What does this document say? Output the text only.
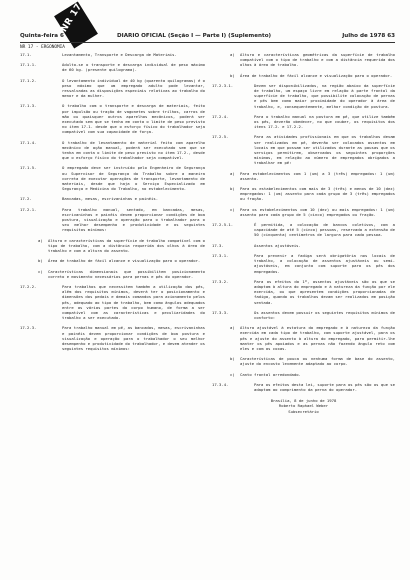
NR 17
Quinta-feira 6	DIARIO OFICIAL (Seção I — Parte I) (Suplemento)	Julho de 1978 63
NR 17 - ERGONOMIA
17.1.	Levantamento, Transporte e Descarga de Materiais.
17.1.1.	Adulto-se o transporte e descarga individual de peso máximo de 60 kg. (presente quilograma).
17.1.2.	O levantamento individual de 40 kg (quarenta quilogramas) é o peso máximo que um empregado adulto pode levantar, ressalvadas as disposições especiais relativas ao trabalho do menor e da mulher.
17.1.3.	O trabalho com o transporte e descarga de materiais, feito por impulsão ou tração de vagonetes sobre trilhos, carros de mão ou quaisquer outros aparelhos mecânicos, poderá ser executado sem que se tenha em conta o limite de peso previsto no item 17.1. desde que o esforço físico do trabalhador seja compatível com sua capacidade de força.
17.1.4.	O trabalho de levantamento de material feito com aparelho mecânico de ação manual, poderá ser executado sem que se tenha em conta o limite de peso previsto no item 17.2., desde que o esforço físico do trabalhador seja compatível.
17.1.5.	O empregado deve ser instruído pelo Engenheiro de Segurança ou Supervisor de Segurança do Trabalho sobre a maneira correta de executar operações de transporte, levantamento de materiais, desde que haja o Serviço Especializado em Segurança e Medicina do Trabalho, no estabelecimento.
17.2.	Bancadas, mesas, escrivaninhas e painéis.
17.2.1.	Para trabalho manual, sentado, em bancadas, mesas, escrivaninhas e painéis devem proporcionar condições de boa postura, visualização e operação para o trabalhador para o seu melhor desempenho e produtividade e os seguintes requisitos mínimos:
a)	Altura e características da superfície de trabalho compatível com o tipo de trabalho, com a distância requerida dos olhos à área de trabalho e com a altura do assento.
b)	Área de trabalho de fácil alcance e visualização para o operador.
c)	Características dimensionais que possibilitem posicionamento correto e movimento necessários para pernas e pés do operador.
17.2.2.	Para trabalhos que necessitem também a utilização dos pés, além dos requisitos mínimos, deverá ter o posicionamento e dimensões dos pedais e demais comandos para acionamento pelos pés, adequado ao tipo de trabalho, bem como ângulos adequados entre as várias partes do corpo humano, de forma a ser compatível com as características e peculiaridades do trabalho a ser executado.
17.2.3.	Para trabalho manual em pé, as bancadas, mesas, escrivaninhas e painéis devem proporcionar condições de boa postura e visualização e operação para o trabalhador o seu melhor desempenho e produtividade do trabalhador, e devem atender os seguintes requisitos mínimos:
a)	Altura e características geométricas da superfície de trabalho compatível com o tipo de trabalho e com a distância requerida dos olhos à área de trabalho.
b)	Área de trabalho de fácil alcance e visualização para o operador.
17.2.3.1.	Devem ser disponibilizados, na região abaixo da superfície de trabalho, um espaço livre em relação à parte frontal da superfície de trabalho, que possibilite colocação de pernas e pés bem como maior proximidade do operador à área de trabalho, e, consequentemente, melhor condição de postura.
17.2.4.	Para o trabalho manual na postura em pé, que utilize também os pés, deverão obedecer, no que couber, os requisitos dos itens 17.2. e 17.2.2.
17.2.5.	Para as atividades profissionais em que os trabalhos devam ser realizados em pé, deverão ser colocados assentos em locais em que possam ser utilizados durante as pausas que os serviços permitirem, observados os seguintes proporções mínimas, em relação ao número de empregados obrigados a trabalhar em pé:
a)	Para estabelecimentos com 1 (um) a 3 (três) empregados: 1 (um) assento.
b)	Para os estabelecimentos com mais de 3 (três) e menos de 10 (dez) empregados: 1 (um) assento para cada grupo de 3 (três) empregados ou fração.
c)	Para os estabelecimentos com 10 (dez) ou mais empregados: 1 (um) assento para cada grupo de 5 (cinco) empregados ou fração.
17.2.5.1.	É permitida, a colocação de bancos coletivos, com a capacidade de até 5 (cinco) pessoas, reservada a extensão de 50 (cinquenta) centímetros de largura para cada pessoa.
17.3.	Assentos ajustáveis.
17.3.1.	Para prevenir a fadiga será obrigatória nos locais de trabalho, a colocação de assentos ajustáveis ou semi-ajustáveis, em conjunto com suporte para os pés dos empregados.
17.3.2.	Para os efeitos do 1º, assentos ajustáveis são os que se adaptam à altura do empregado e à natureza da função por ele exercida, ou que apresentem condições proporcionadas de fadiga, quando os trabalhos devam ser realizados em posição sentada.
17.3.3.	Os assentos devem possuir os seguintes requisitos mínimos de conforto:
a)	Altura ajustável à estatura do empregado e à natureza da função exercida em cada tipo de trabalho, com suporte ajustável, para os pés e ajuste do assento à altura do empregado, para permitir-lhe manter os pés apoiados e as pernas não fazendo ângulo reto com eles e com as coxas.
b)	Características de pouca ou nenhuma forma de base do assento, ajuste do encosto levemente adaptado ao corpo.
c)	Canto frontal arredondado.
17.3.4.	Para os efeitos desta lei, suporte para os pés são os que se adaptam ao comprimento da perna do operador.
Brasília, 8 de junho de 1978
Roberto Raphael Weber
Subsecretário
